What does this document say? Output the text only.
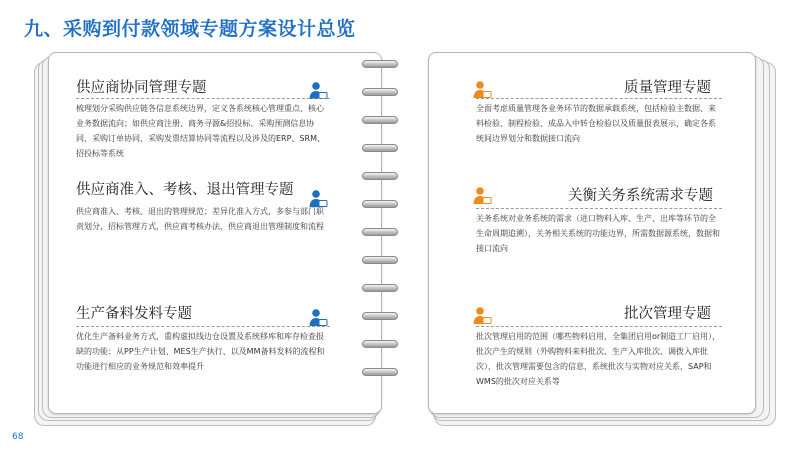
九、采购到付款领域专题方案设计总览
供应商协同管理专题
梳理划分采购供应链各信息系统边界，定义各系统核心管理重点、核心业务数据流向；如供应商注册、商务寻源&招投标、采购预测信息协同、采购订单协同、采购发票结算协同等流程以及涉及的ERP、SRM、招投标等系统
供应商准入、考核、退出管理专题
供应商准入、考核、退出的管理规范；差异化准入方式，多参与部门职责划分，招标管理方式，供应商考核办法，供应商退出管理制度和流程
生产备料发料专题
优化生产备料业务方式，重构虚拟线边仓设置及系统移库和库存检查报缺的功能；从PP生产计划、MES生产执行、以及MM备料发料的流程和功能进行相应的业务规范和效率提升
质量管理专题
全面考虑质量管理各业务环节的数据承载系统，包括检验主数据、来料检验、制程检验、成品入中转仓检验以及质量报表展示，确定各系统间边界划分和数据接口流向
关衡关务系统需求专题
关务系统对业务系统的需求（进口物料入库、生产、出库等环节的全生命周期追溯），关务相关系统的功能边界，所需数据源系统，数据和接口流向
批次管理专题
批次管理启用的范围（哪些物料启用，全集团启用or制造工厂启用），批次产生的规则（外购物料来料批次、生产入库批次、调拨入库批次），批次管理需要包含的信息，系统批次与实物对应关系，SAP和WMS的批次对应关系等
68
